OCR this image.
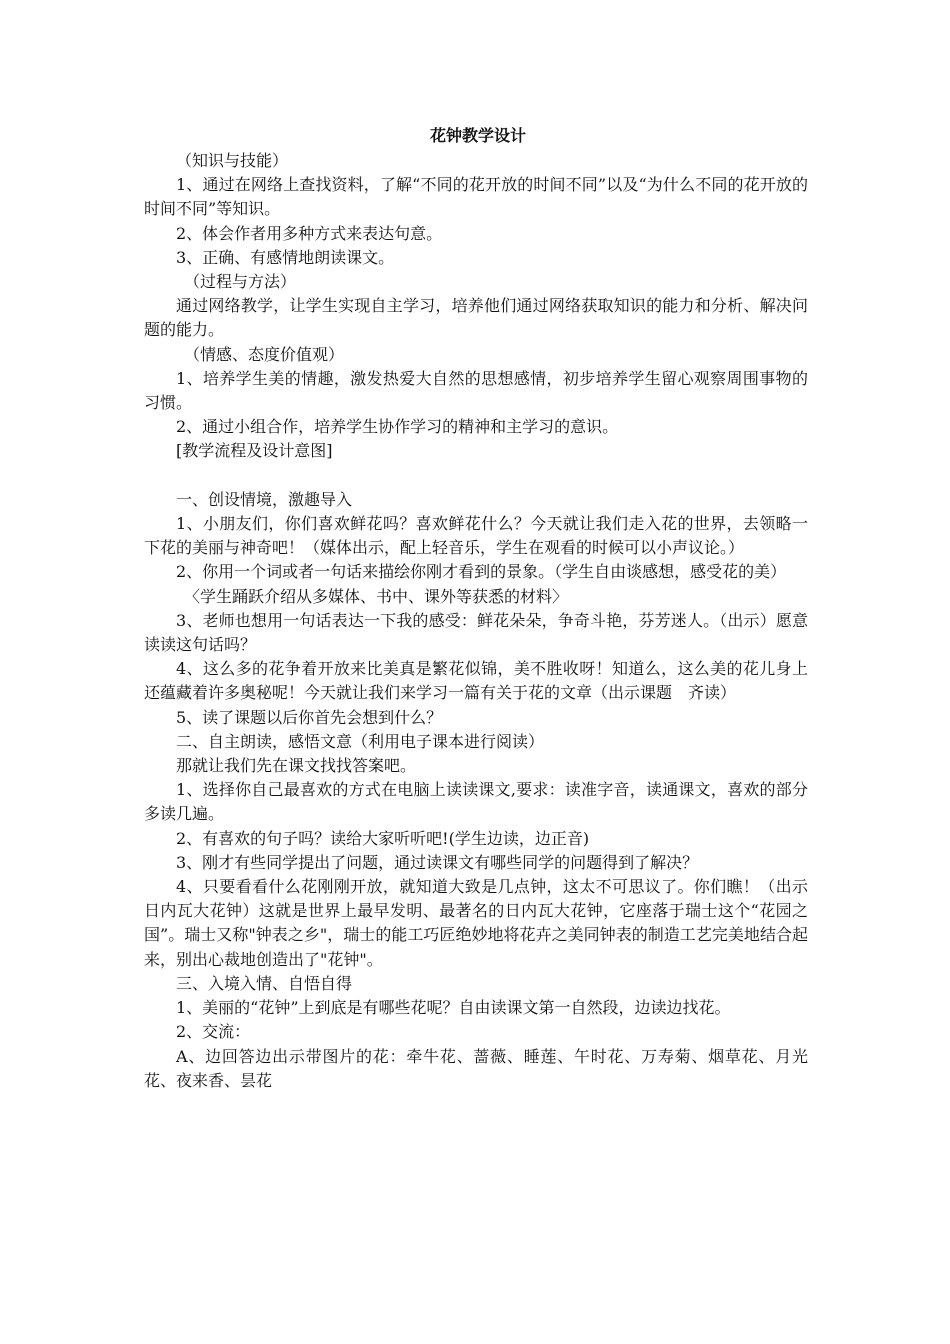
花钟教学设计

（知识与技能）

1、通过在网络上查找资料，了解“不同的花开放的时间不同”以及“为什么不同的花开放的时间不同”等知识。

2、体会作者用多种方式来表达句意。

3、正确、有感情地朗读课文。

（过程与方法）

通过网络教学，让学生实现自主学习，培养他们通过网络获取知识的能力和分析、解决问题的能力。

（情感、态度价值观）

1、培养学生美的情趣，激发热爱大自然的思想感情，初步培养学生留心观察周围事物的习惯。

2、通过小组合作，培养学生协作学习的精神和主学习的意识。

[教学流程及设计意图]

一、创设情境，激趣导入

1、小朋友们，你们喜欢鲜花吗？喜欢鲜花什么？今天就让我们走入花的世界，去领略一下花的美丽与神奇吧！（媒体出示，配上轻音乐，学生在观看的时候可以小声议论。）

2、你用一个词或者一句话来描绘你刚才看到的景象。（学生自由谈感想，感受花的美）

〈学生踊跃介绍从多媒体、书中、课外等获悉的材料〉

3、老师也想用一句话表达一下我的感受：鲜花朵朵，争奇斗艳，芬芳迷人。（出示）愿意读读这句话吗？

4、这么多的花争着开放来比美真是繁花似锦，美不胜收呀！知道么，这么美的花儿身上还蕴藏着许多奥秘呢！今天就让我们来学习一篇有关于花的文章（出示课题　齐读）

5、读了课题以后你首先会想到什么？

二、自主朗读，感悟文意（利用电子课本进行阅读）

那就让我们先在课文找找答案吧。

1、选择你自己最喜欢的方式在电脑上读读课文,要求：读准字音，读通课文，喜欢的部分多读几遍。

2、有喜欢的句子吗？读给大家听听吧!(学生边读，边正音)

3、刚才有些同学提出了问题，通过读课文有哪些同学的问题得到了解决？

4、只要看看什么花刚刚开放，就知道大致是几点钟，这太不可思议了。你们瞧！（出示日内瓦大花钟）这就是世界上最早发明、最著名的日内瓦大花钟，它座落于瑞士这个“花园之国”。瑞士又称"钟表之乡"，瑞士的能工巧匠绝妙地将花卉之美同钟表的制造工艺完美地结合起来，别出心裁地创造出了"花钟"。

三、入境入情、自悟自得

1、美丽的“花钟”上到底是有哪些花呢？自由读课文第一自然段，边读边找花。

2、交流：

A、边回答边出示带图片的花：牵牛花、蔷薇、睡莲、午时花、万寿菊、烟草花、月光花、夜来香、昙花
